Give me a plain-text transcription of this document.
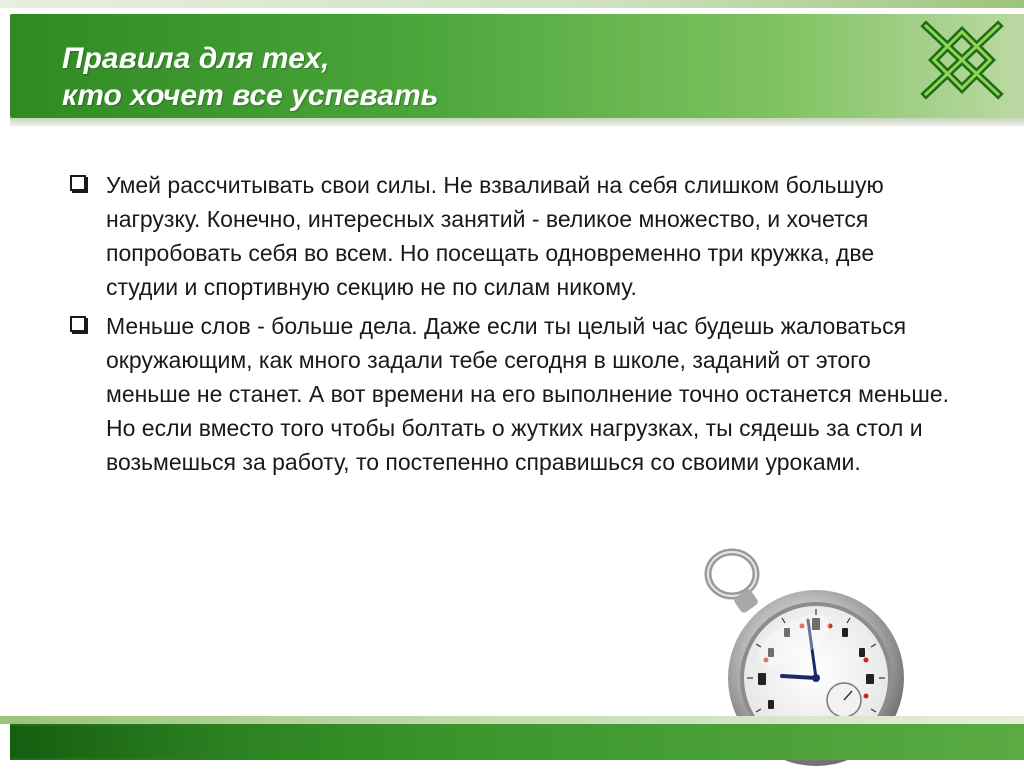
Правила для тех,
кто хочет все успевать

Умей рассчитывать свои силы. Не взваливай на себя слишком большую нагрузку. Конечно, интересных занятий - великое множество, и хочется попробовать себя во всем. Но посещать одновременно три кружка, две студии и спортивную секцию не по силам никому.

Меньше слов - больше дела. Даже если ты целый час будешь жаловаться окружающим, как много задали тебе сегодня в школе, заданий от этого меньше не станет. А вот времени на его выполнение точно останется меньше. Но если вместо того чтобы болтать о жутких нагрузках, ты сядешь за стол и возьмешься за работу, то постепенно справишься со своими уроками.
